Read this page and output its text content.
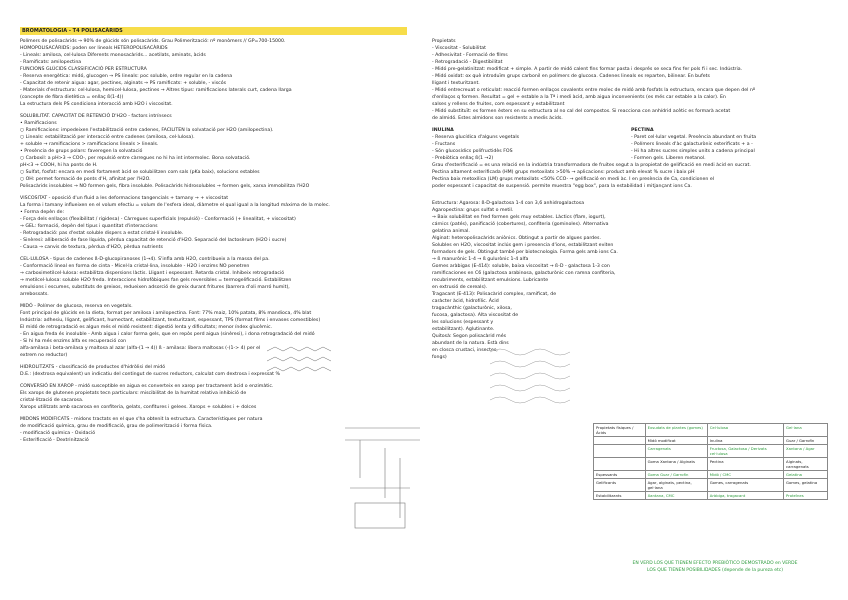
BROMATOLOGIA - T4 POLISACÀRIDS
Polímers de polisacàrids → 90% de glúcids són polisacàrids. Grau Polimerització: nº monòmers // GP=700-15000.
HOMOPOLISACÀRIDS: poden ser lineals HETEROPOLISACÀRIDS
- Lineals: amilosa, cel·lulosa Diferents monosacàrids... acetilats, aminats, àcids
- Ramificats: amilopectina
FUNCIONS GLÚCIDS CLASSIFICACIÓ PER ESTRUCTURA
- Reserva energètica: midó, glucogen → PS lineals: poc soluble, ordre regular en la cadena
- Capacitat de retenir aigua: agar, pectines, alginats → PS ramificats: + soluble, - viscós
- Materials d'estructura: cel·lulosa, hemicel·lulosa, pectines → Altres tipus: ramificacions laterals curt, cadena llarga
(concepte de fibra dietètica = enllaç ß(1-4))
La estructura dels PS condiciona interacció amb H2O i viscositat.
SOLUBILITAT. CAPACITAT DE RETENCIÓ D'H2O - factors intrínsecs
• Ramificacions
○ Ramificacions: impedeixen l'estabilització entre cadenes, FACILITEN la solvatació per H2O (amilopectina).
○ Lineals: estabilització per interacció entre cadenes (amilosa, cel·lulosa).
+ soluble → ramificacions > ramificacions lineals > lineals.
• Presència de grups polars: faveregen la solvatació
○ Carboxil: a pH>3 → COO-, per repulsió entre càrregues no hi ha int intermolec. Bona solvatació.
pH<3 → COOH, hi ha ponts de H.
○ Sulfat, fosfat: encara en medi fortament àcid se solubilitzen com sals (pKa baix), solucions estables
○ OH: permet formació de ponts d'H, afinitat per l'H2O.
Polisacàrids insolubles → NO formen gels, fibra insoluble. Polisacàrids hidrosolubles → formen gels, xarxa immobilitza l'H2O
VISCOSITAT - oposició d'un fluid a les deformacions tangencials + tamany → + viscositat
La forma i tamany influeixen en el volum efectiu = volum de l'esfera ideal, diàmetre el qual igual a la longitud màxima de la molec.
• Forma depèn de:
- Força dels enllaços (flexibilitat / rigidesa) - Càrregues superficials (repulsió) - Conformació (+ linealitat, + viscositat)
→ GEL: formació, depèn del tipus i quantitat d'interaccions
- Retrogradació: pas d'estat soluble dispers a estat cristal·lí insoluble.
- Sinèresi: alliberació de fase líquida, pèrdua capacitat de retenció d'H2O. Separació del lactosèrum (H2O i sucre)
- Causa → canvis de textura, pèrdua d'H2O, pèrdua nutrients
CEL·LULOSA - tipus de cadenes ß-D-glucopiranoses (1→4). S'infla amb H2O, contribueix a la massa del pa.
- Conformació lineal en forma de cinta - Micel·la cristal·lina, insoluble - H2O i enzims NO penetren
→ carboximetilcel·lulosa: estabilitza dispersions làctis. Lligant i espessant. Retarda cristal. Inhibeix retrogradació
→ metilcel·lulosa: soluble H2O freda. Interaccions hidrofòbiques fan gels reversibles = termogelificació. Estabilitzen
emulsions i escumes, substituts de greixos, redueixen adsorció de greix durant fritures (barrera d'oli marró humit),
arrebossats.
MIDÓ - Polímer de glucosa, reserva en vegetals.
Font principal de glúcids en la dieta, format per amilosa i amilopectina. Font: 77% maiz, 10% patata, 8% mandioca, 4% blat
Indústria: adhesiu, lligant, gelificant, humectant, estabilitzant, texturitzant, espessant, TPS (format films i envases comestibles)
El midó de retrogradació es algun més el midó resistent: digestió lenta y dificultats; menor índex glucèmic.
- En aigua freda és insoluble - Amb aigua i calor forma gels, que en repòs perd aigua (sinèresi), i dona retrogradació del midó
- Si hi ha més enzims àlfa es recuperació con
alfa-amilasa i beta-amilasa y maltosa al azar (alfa-(1 → 4)) ß - amilasa: libera maltosas (-(1-> 4) per el
extrem no reductor)
HIDROLITZATS - classificació de productes d'hidròlisi del midó
D.E.: (dextrosa equivalent) un indicatiu del contingut de sucres reductors, calculat com dextrosa i expressat %
CONVERSIÓ EN XAROP - midó susceptible en aigua es converteix en xarop per tractament àcid o enzimàtic.
Els xarops de glutenen propietats tecn particulars: miscibilitat de la humitat relativa inhibició de
cristal·lització de sacarosa.
Xarops utilitzats amb sacarosa en confiteria, gelats, confitures i gelees. Xarops + solubles i + dolces
MIDONS MODIFICATS - midons tractats en el que s'ha obtenit la estructura. Característiques per natura
de modificació química, grau de modificació, grau de polimerització i forma física.
- modificació química - Oxidació
- Esterificació - Dextrinització
Propietats
- Viscositat - Solubilitat
- Adhesivitat - Formació de films
- Retrogradació - Digestibilitat
- Midó pre-gelatinitzat: modificat + simple. A partir de midó calent fins formar pasta i després se seca fins fer pols fi i sec. Indústria.
- Midó oxidat: ox què introduïm grups carbonil en polímers de glucosa. Cadenes lineals es reparten, bilinear. En bufets
lligant i texturitzant.
- Midó entrecreuat o reticulat: reacció formen enllaços covalents entre molec de midó amb fosfats la estructura, encara que depen del nº
d'enllaços q formen. Resultat = gel + estable a la Tª i medi àcid, amb aigua inconvenients (es més car estable a la calor). En
salses y rellens de fruites, com espessant y estabilitzant
- Midó substituït: es formen èsters en su estructura al no cal del compostos. Si reacciona con anhídrid acètic es formarà acetat
de almidó. Estes almidons son resistents a medis àcids.
INULINA	PECTINA
- Reserva glucídica d'alguns vegetals	- Paret cel·lular vegetal. Presència abundant en fruita
- Fructans	- Polímers lineals d'àc galacturònic esterificats + a -
- Són glucosídics polifructidès FOS	- Hi ha altres sucres simples units a cadena principal
- Prebiòtica enllaç ß(1 →2)	- Formen gels. Liberen metanol.
Grau d'esterificació = es una relació en la indústria transformadora de fruites segut a la propietat de gelificació en medi àcid en sucrat.
Pectina altament esterificada (HM) grups metoxilats >50% → aplicacions: product amb elevat % sucre i baix pH
Pectina baix metoxílica (LM) grups metoxilats <50% CCO- → gelificació en medi àc. I en presència de Ca, condicionen el
poder espessant i capacitat de suspensió. permite muestra "egg box", para la estabilidad i mitjançant ions Ca.
Estructura: Agarosa: ß-D-galactosa 1-4 con 3,6 anhidrogalactosa
Agaropectina: grups sulfat o metil.
→ Baix solubilitat en fred formen gels muy estables. Làctics (flam, iogurt),
cárnics (patés), panificació (cobertures), confiteria (gominoles). Alternativa
gelatina animal.
Alginat: heteropolisacàrids aniònics. Obtingut a partir de algues pardes.
Solubles en H2O, viscositat inclús gem i presencia d'ions, estabilitzant eviten
formadors de gels. Obtingut també per biotecnologia. Forma gels amb ions Ca.
→ ß manurònic 1-4 → ß gulurònic 1-4 alfa
Gomes aràbigas (E-414): soluble, baixa viscositat → ß-D - galactosa 1-3 con
ramificaciones en C6 (galactosa arabinosa, galacturònic con ramna confiteria,
recubriments, estabilitzant emulsions. Lubricante
en extrusió de cereals).
Tragacant (E-413): Polisacàrid complex, ramificat, de
caràcter àcid, hidrofílic. Àcid
tragacànthic (galacturònic, xilosa,
fucosa, galactosa). Alta viscositat de
les solucions (espessant y
estabilitzant). Aglutinante.
Quitosà: Segon polisacàrid més
abundant de la natura. Està dins
en closca crustaci, insectes,
fongs)
Propietats físiques / Àcids	Exsudats de plantes (gomes)	Cel·lulosa	Gel·lana
	Midó modificat	Inulina	Guar / Garrofín
	Carragenats	Fructosa, Galactosa / Derivats cel·lulosa	Xantana / Agar
	Goma Xantana / Alginats	Pectina	Alginats, carragenats
Espessants	Goma Guar / Garrofín	Midó / CMC	Gelatina
Gelificants	Agar, alginats, pectina, gel·lana	Gomes, carragenats	Gomes, gelatina
Estabilitzants	Xantana, CMC	Aràbiga, tragacant	Proteïnes
EN VERD LOS QUE TIENEN EFECTO PREBIÒTICO DEMOSTRADO en VERDE
LOS QUE TIENEN POSIBILIDADES (depende de la pureza etc)
